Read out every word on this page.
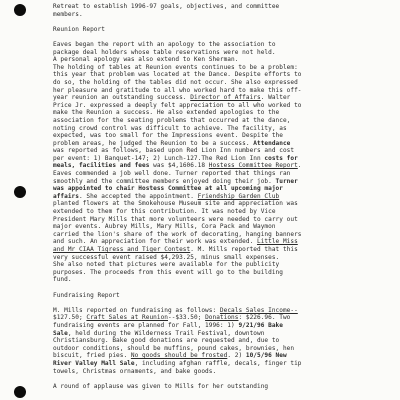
Retreat to establish 1996-97 goals, objectives, and committee
members.
Reunion Report
Eaves began the report with an apology to the association to
package deal holders whose table reservations were not held.
A personal apology was also extend to Ken Sherman.
The holding of tables at Reunion events continues to be a problem:
this year that problem was located at the Dance. Despite efforts to
do so, the holding of the tables did not occur. She also expressed
her pleasure and gratitude to all who worked hard to make this off-
year reunion an outstanding success. Director of Affairs. Walter
Price Jr. expressed a deeply felt appreciation to all who worked to
make the Reunion a success. He also extended apologies to the
association for the seating problems that occurred at the dance,
noting crowd control was difficult to achieve. The facility, as
expected, was too small for the Impressions event. Despite the
problem areas, he judged the Reunion to be a success. Attendance
was reported as follows, based upon Red Lion Inn numbers and cost
per event: 1) Banquet-147; 2) Lunch-127.The Red Lion Inn costs for
meals, facilities and fees was $4,1606.18 Hostess Committee Report.
Eaves commended a job well done. Turner reported that things ran
smoothly and the committee members enjoyed doing their job. Turner
was appointed to chair Hostess Committee at all upcoming major
affairs. She accepted the appointment. Friendship Garden Club
planted flowers at the Smokehouse Museum site and appreciation was
extended to them for this contribution. It was noted by Vice
President Mary Mills that more volunteers were needed to carry out
major events. Aubrey Mills, Mary Mills, Cora Pack and Waymon
carried the lion's share of the work of decorating, hanging banners
and such. An appreciation for their work was extended. Little Miss
and Mr CIAA Tigress and Tiger Contest. M. Mills reported that this
very successful event raised $4,293.25, minus small expenses.
She also noted that pictures were available for the publicity
purposes. The proceeds from this event will go to the building
fund.
Fundraising Report
M. Mills reported on fundraising as follows: Decals Sales Income--
$127.50; Craft Sales at Reunion--$33.50; Donations: $226.96. Two
fundraising events are planned for Fall, 1996: 1) 9/21/96 Bake
Sale, held during the Wilderness Trail Festival, downtown
Christiansburg. Bake good donations are requested and, due to
outdoor conditions, should be muffins, pound cakes, brownies, hen
biscuit, fried pies. No goods should be frosted. 2) 10/5/96 New
River Valley Mall Sale, including afghan raffle, decals, finger tip
towels, Christmas ornaments, and bake goods.
A round of applause was given to Mills for her outstanding
